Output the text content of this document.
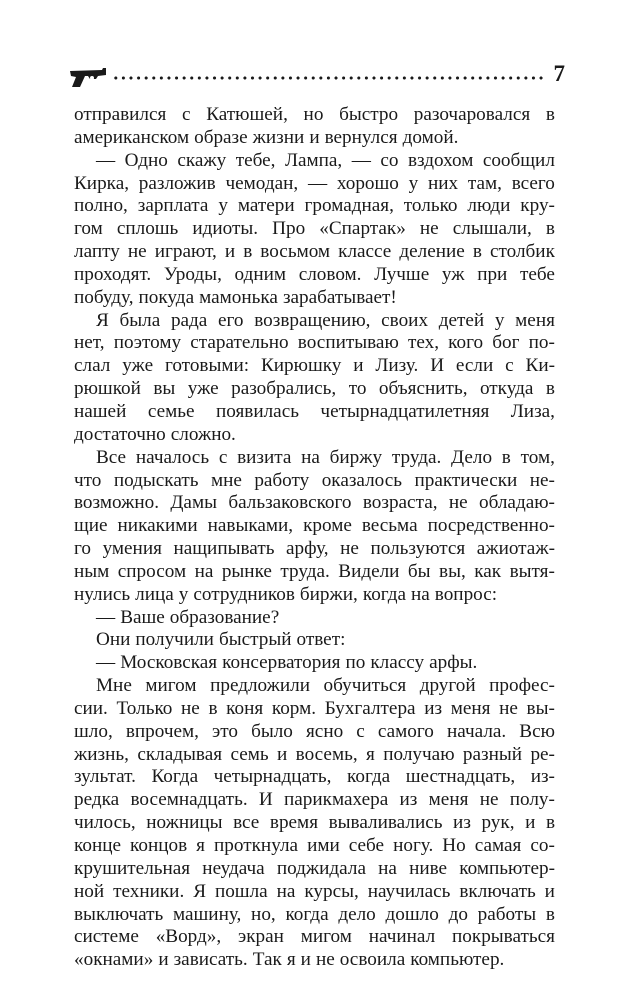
7
отправился с Катюшей, но быстро разочаровался в
американском образе жизни и вернулся домой.
— Одно скажу тебе, Лампа, — со вздохом сообщил
Кирка, разложив чемодан, — хорошо у них там, всего
полно, зарплата у матери громадная, только люди кру-
гом сплошь идиоты. Про «Спартак» не слышали, в
лапту не играют, и в восьмом классе деление в столбик
проходят. Уроды, одним словом. Лучше уж при тебе
побуду, покуда мамонька зарабатывает!
Я была рада его возвращению, своих детей у меня
нет, поэтому старательно воспитываю тех, кого бог по-
слал уже готовыми: Кирюшку и Лизу. И если с Ки-
рюшкой вы уже разобрались, то объяснить, откуда в
нашей семье появилась четырнадцатилетняя Лиза,
достаточно сложно.
Все началось с визита на биржу труда. Дело в том,
что подыскать мне работу оказалось практически не-
возможно. Дамы бальзаковского возраста, не обладаю-
щие никакими навыками, кроме весьма посредственно-
го умения нащипывать арфу, не пользуются ажиотаж-
ным спросом на рынке труда. Видели бы вы, как вытя-
нулись лица у сотрудников биржи, когда на вопрос:
— Ваше образование?
Они получили быстрый ответ:
— Московская консерватория по классу арфы.
Мне мигом предложили обучиться другой профес-
сии. Только не в коня корм. Бухгалтера из меня не вы-
шло, впрочем, это было ясно с самого начала. Всю
жизнь, складывая семь и восемь, я получаю разный ре-
зультат. Когда четырнадцать, когда шестнадцать, из-
редка восемнадцать. И парикмахера из меня не полу-
чилось, ножницы все время вываливались из рук, и в
конце концов я проткнула ими себе ногу. Но самая со-
крушительная неудача поджидала на ниве компьютер-
ной техники. Я пошла на курсы, научилась включать и
выключать машину, но, когда дело дошло до работы в
системе «Ворд», экран мигом начинал покрываться
«окнами» и зависать. Так я и не освоила компьютер.
